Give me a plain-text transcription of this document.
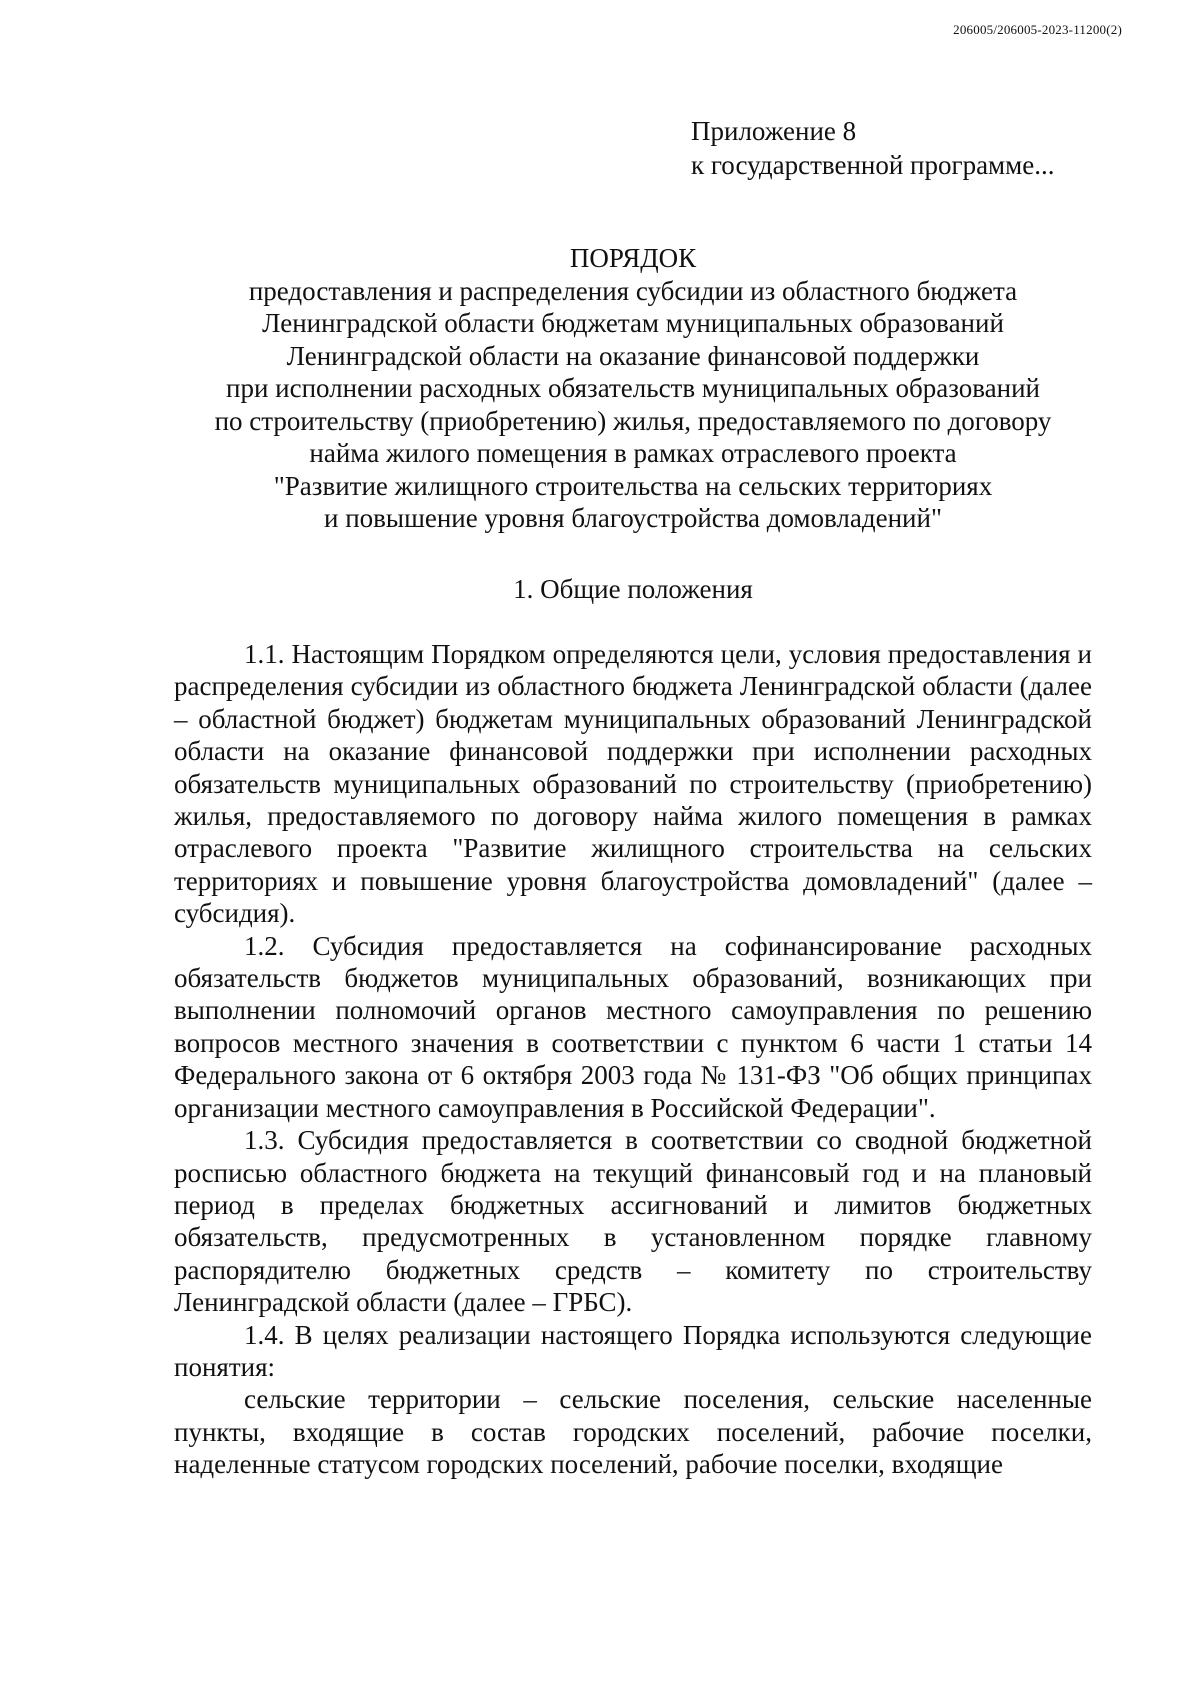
206005/206005-2023-11200(2)
Приложение 8
к государственной программе...
ПОРЯДОК
предоставления и распределения субсидии из областного бюджета
Ленинградской области бюджетам муниципальных образований
Ленинградской области на оказание финансовой поддержки
при исполнении расходных обязательств муниципальных образований
по строительству (приобретению) жилья, предоставляемого по договору
найма жилого помещения в рамках отраслевого проекта
"Развитие жилищного строительства на сельских территориях
и повышение уровня благоустройства домовладений"
1. Общие положения

1.1. Настоящим Порядком определяются цели, условия предоставления и распределения субсидии из областного бюджета Ленинградской области (далее – областной бюджет) бюджетам муниципальных образований Ленинградской области на оказание финансовой поддержки при исполнении расходных обязательств муниципальных образований по строительству (приобретению) жилья, предоставляемого по договору найма жилого помещения в рамках отраслевого проекта "Развитие жилищного строительства на сельских территориях и повышение уровня благоустройства домовладений" (далее – субсидия).

1.2. Субсидия предоставляется на софинансирование расходных обязательств бюджетов муниципальных образований, возникающих при выполнении полномочий органов местного самоуправления по решению вопросов местного значения в соответствии с пунктом 6 части 1 статьи 14 Федерального закона от 6 октября 2003 года № 131-ФЗ "Об общих принципах организации местного самоуправления в Российской Федерации".

1.3. Субсидия предоставляется в соответствии со сводной бюджетной росписью областного бюджета на текущий финансовый год и на плановый период в пределах бюджетных ассигнований и лимитов бюджетных обязательств, предусмотренных в установленном порядке главному распорядителю бюджетных средств – комитету по строительству Ленинградской области (далее – ГРБС).

1.4. В целях реализации настоящего Порядка используются следующие понятия:

сельские территории – сельские поселения, сельские населенные пункты, входящие в состав городских поселений, рабочие поселки, наделенные статусом городских поселений, рабочие поселки, входящие
